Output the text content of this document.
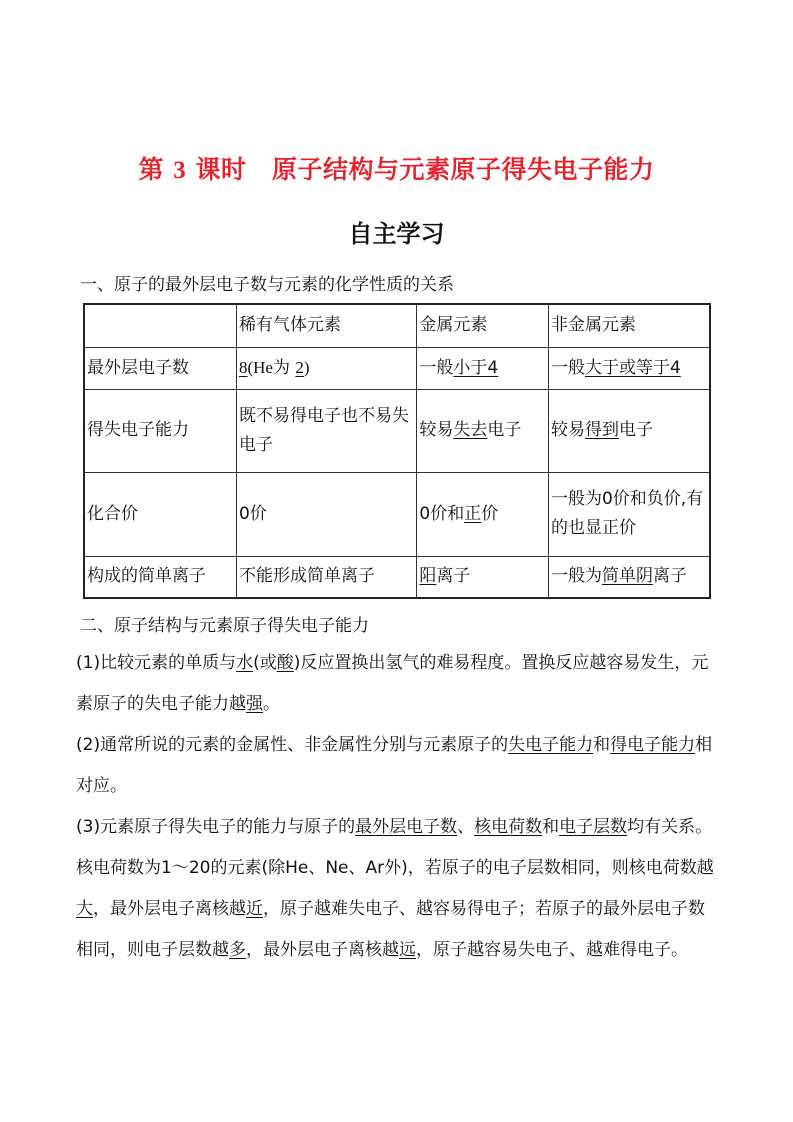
第 3 课时　原子结构与元素原子得失电子能力
自主学习
一、原子的最外层电子数与元素的化学性质的关系
	稀有气体元素	金属元素	非金属元素
最外层电子数	8(He为 2)	一般小于4	一般大于或等于4
得失电子能力	既不易得电子也不易失电子	较易失去电子	较易得到电子
化合价	0价	0价和正价	一般为0价和负价,有的也显正价
构成的简单离子	不能形成简单离子	阳离子	一般为简单阴离子
二、原子结构与元素原子得失电子能力
(1)比较元素的单质与水(或酸)反应置换出氢气的难易程度。置换反应越容易发生，元素原子的失电子能力越强。
(2)通常所说的元素的金属性、非金属性分别与元素原子的失电子能力和得电子能力相对应。
(3)元素原子得失电子的能力与原子的最外层电子数、核电荷数和电子层数均有关系。核电荷数为1～20的元素(除He、Ne、Ar外)，若原子的电子层数相同，则核电荷数越大，最外层电子离核越近，原子越难失电子、越容易得电子；若原子的最外层电子数相同，则电子层数越多，最外层电子离核越远，原子越容易失电子、越难得电子。
